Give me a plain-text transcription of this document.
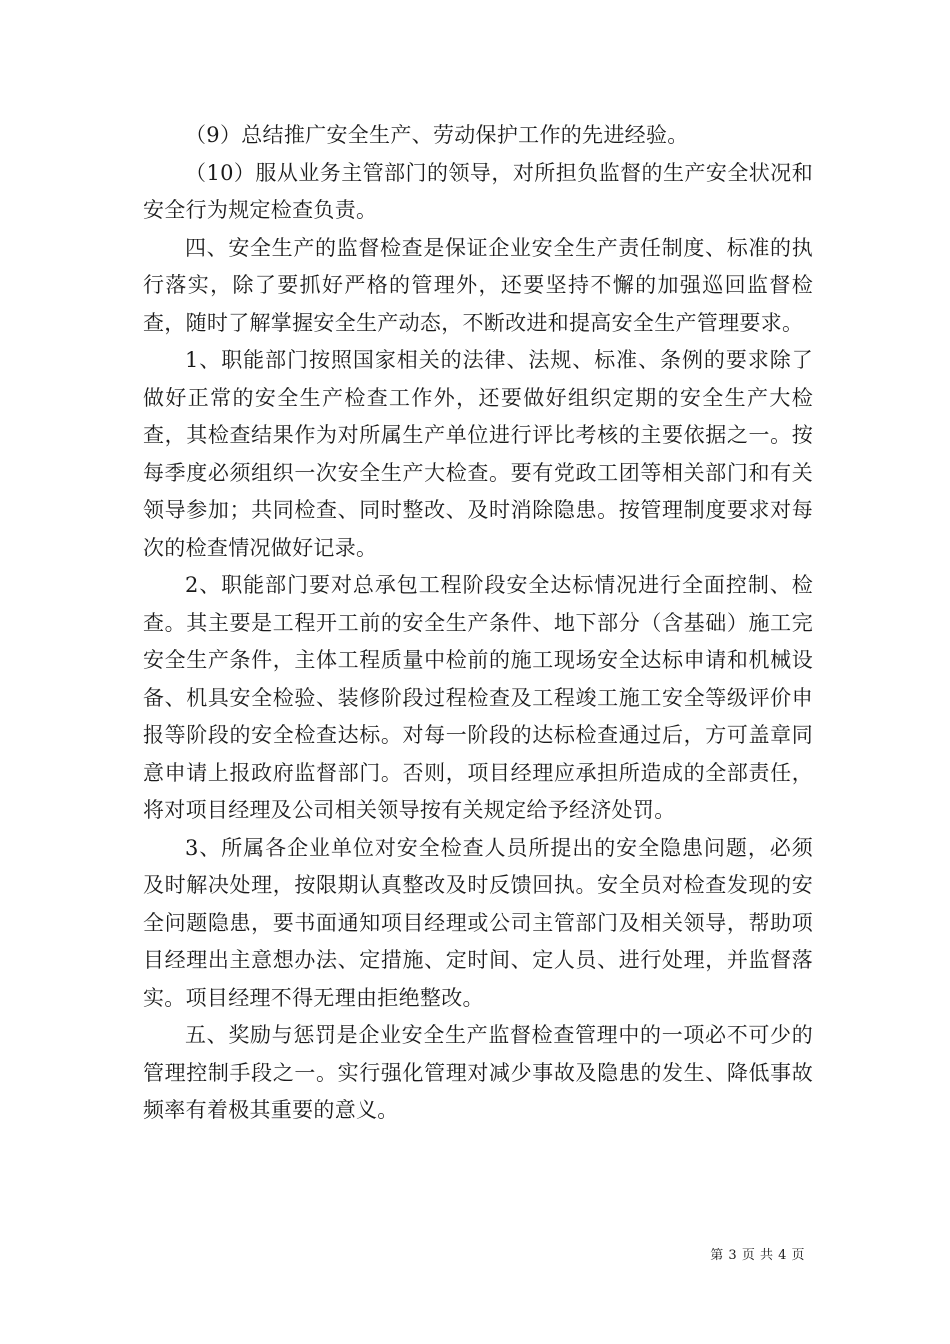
（9）总结推广安全生产、劳动保护工作的先进经验。

（10）服从业务主管部门的领导，对所担负监督的生产安全状况和安全行为规定检查负责。

四、安全生产的监督检查是保证企业安全生产责任制度、标准的执行落实，除了要抓好严格的管理外，还要坚持不懈的加强巡回监督检查，随时了解掌握安全生产动态，不断改进和提高安全生产管理要求。

1、职能部门按照国家相关的法律、法规、标准、条例的要求除了做好正常的安全生产检查工作外，还要做好组织定期的安全生产大检查，其检查结果作为对所属生产单位进行评比考核的主要依据之一。按每季度必须组织一次安全生产大检查。要有党政工团等相关部门和有关领导参加；共同检查、同时整改、及时消除隐患。按管理制度要求对每次的检查情况做好记录。

2、职能部门要对总承包工程阶段安全达标情况进行全面控制、检查。其主要是工程开工前的安全生产条件、地下部分（含基础）施工完安全生产条件，主体工程质量中检前的施工现场安全达标申请和机械设备、机具安全检验、装修阶段过程检查及工程竣工施工安全等级评价申报等阶段的安全检查达标。对每一阶段的达标检查通过后，方可盖章同意申请上报政府监督部门。否则，项目经理应承担所造成的全部责任，将对项目经理及公司相关领导按有关规定给予经济处罚。

3、所属各企业单位对安全检查人员所提出的安全隐患问题，必须及时解决处理，按限期认真整改及时反馈回执。安全员对检查发现的安全问题隐患，要书面通知项目经理或公司主管部门及相关领导，帮助项目经理出主意想办法、定措施、定时间、定人员、进行处理，并监督落实。项目经理不得无理由拒绝整改。

五、奖励与惩罚是企业安全生产监督检查管理中的一项必不可少的管理控制手段之一。实行强化管理对减少事故及隐患的发生、降低事故频率有着极其重要的意义。

第 3 页 共 4 页
